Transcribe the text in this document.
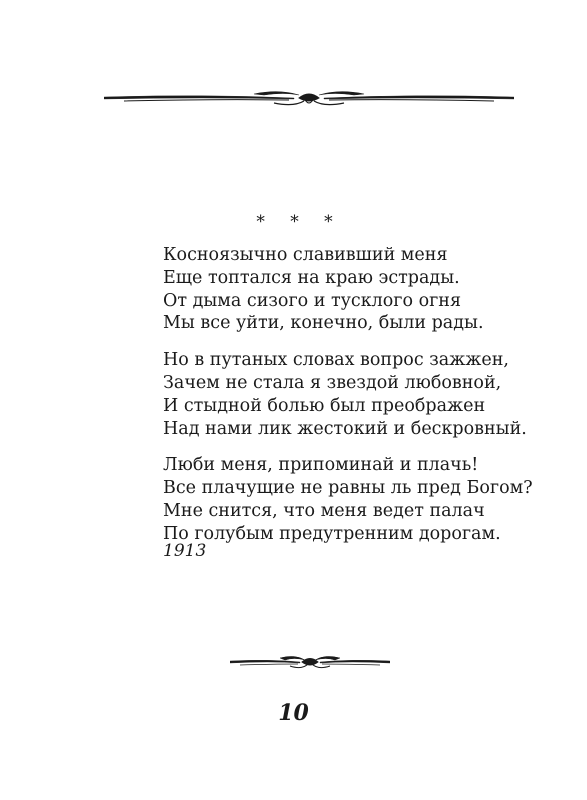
* * *
Косноязычно славивший меня
Еще топтался на краю эстрады.
От дыма сизого и тусклого огня
Мы все уйти, конечно, были рады.
Но в путаных словах вопрос зажжен,
Зачем не стала я звездой любовной,
И стыдной болью был преображен
Над нами лик жестокий и бескровный.
Люби меня, припоминай и плачь!
Все плачущие не равны ль пред Богом?
Мне снится, что меня ведет палач
По голубым предутренним дорогам.
1913
10
